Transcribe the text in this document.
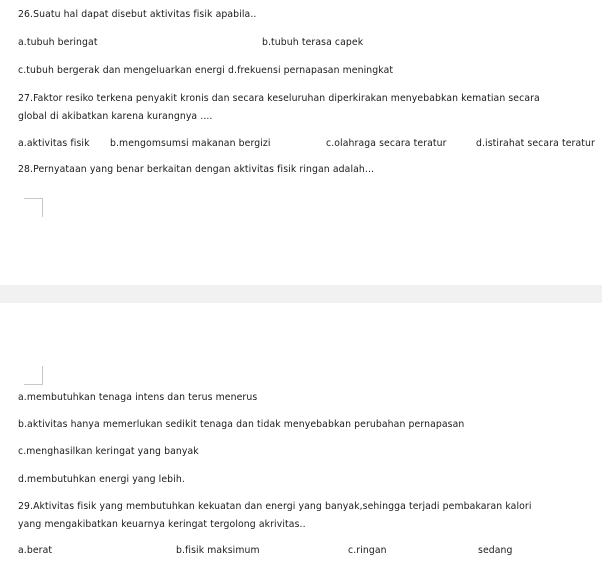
26.Suatu hal dapat disebut aktivitas fisik apabila..
a.tubuh beringat	b.tubuh terasa capek
c.tubuh bergerak dan mengeluarkan energi d.frekuensi pernapasan meningkat
27.Faktor resiko terkena penyakit kronis dan secara keseluruhan diperkirakan menyebabkan kematian secara
global di akibatkan karena kurangnya ....
a.aktivitas fisik b.mengomsumsi makanan bergizi	c.olahraga secara teratur	d.istirahat secara teratur
28.Pernyataan yang benar berkaitan dengan aktivitas fisik ringan adalah...
a.membutuhkan tenaga intens dan terus menerus
b.aktivitas hanya memerlukan sedikit tenaga dan tidak menyebabkan perubahan pernapasan
c.menghasilkan keringat yang banyak
d.membutuhkan energi yang lebih.
29.Aktivitas fisik yang membutuhkan kekuatan dan energi yang banyak,sehingga terjadi pembakaran kalori
yang mengakibatkan keuarnya keringat tergolong akrivitas..
a.berat	b.fisik maksimum	c.ringan	sedang
